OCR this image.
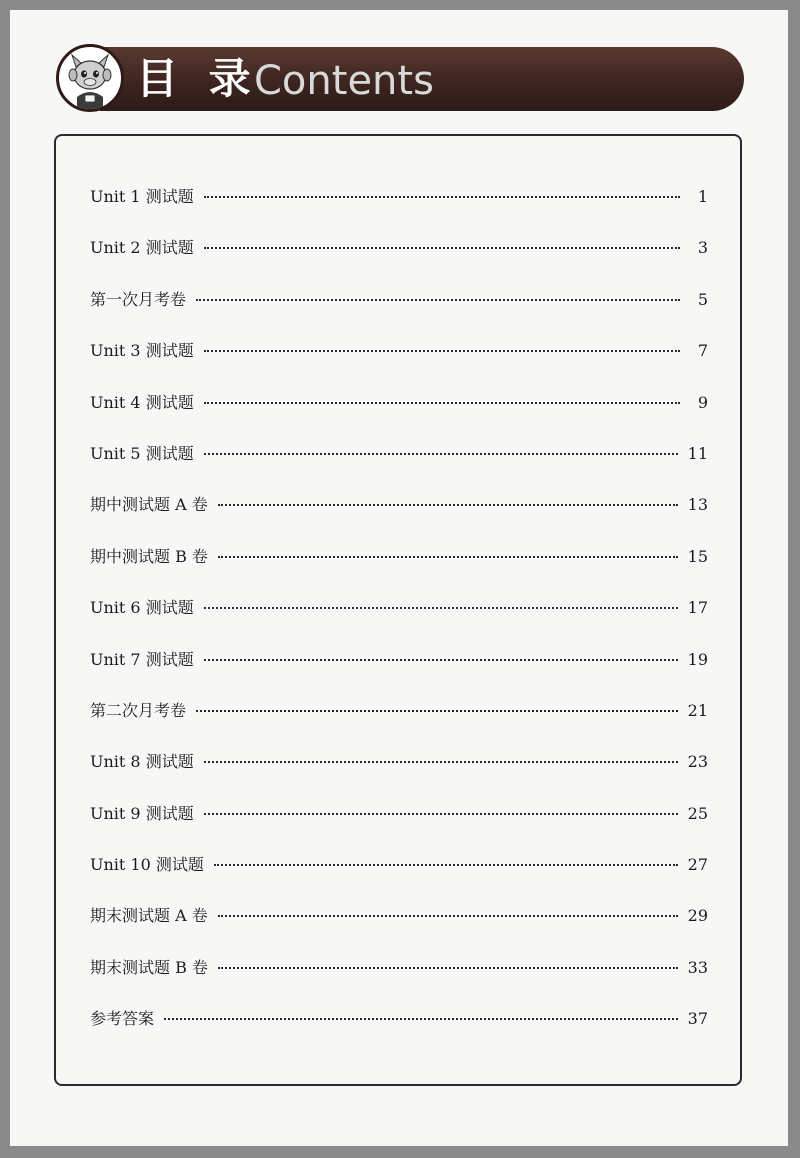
目 录
Contents
Unit 1 测试题	1
Unit 2 测试题	3
第一次月考卷	5
Unit 3 测试题	7
Unit 4 测试题	9
Unit 5 测试题	11
期中测试题 A 卷	13
期中测试题 B 卷	15
Unit 6 测试题	17
Unit 7 测试题	19
第二次月考卷	21
Unit 8 测试题	23
Unit 9 测试题	25
Unit 10 测试题	27
期末测试题 A 卷	29
期末测试题 B 卷	33
参考答案	37
